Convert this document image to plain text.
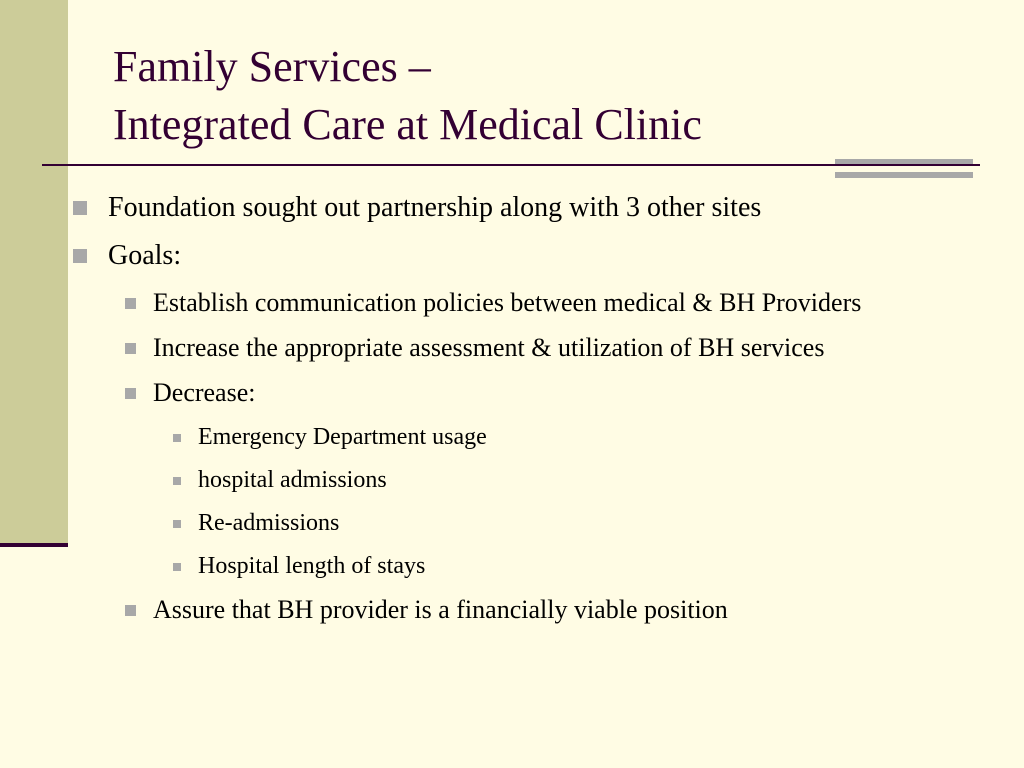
Family Services –
Integrated Care at Medical Clinic
Foundation sought out partnership along with 3 other sites
Goals:
Establish communication policies between medical & BH Providers
Increase the appropriate assessment & utilization of BH services
Decrease:
Emergency Department usage
hospital admissions
Re-admissions
Hospital length of stays
Assure that BH provider is a financially viable position
